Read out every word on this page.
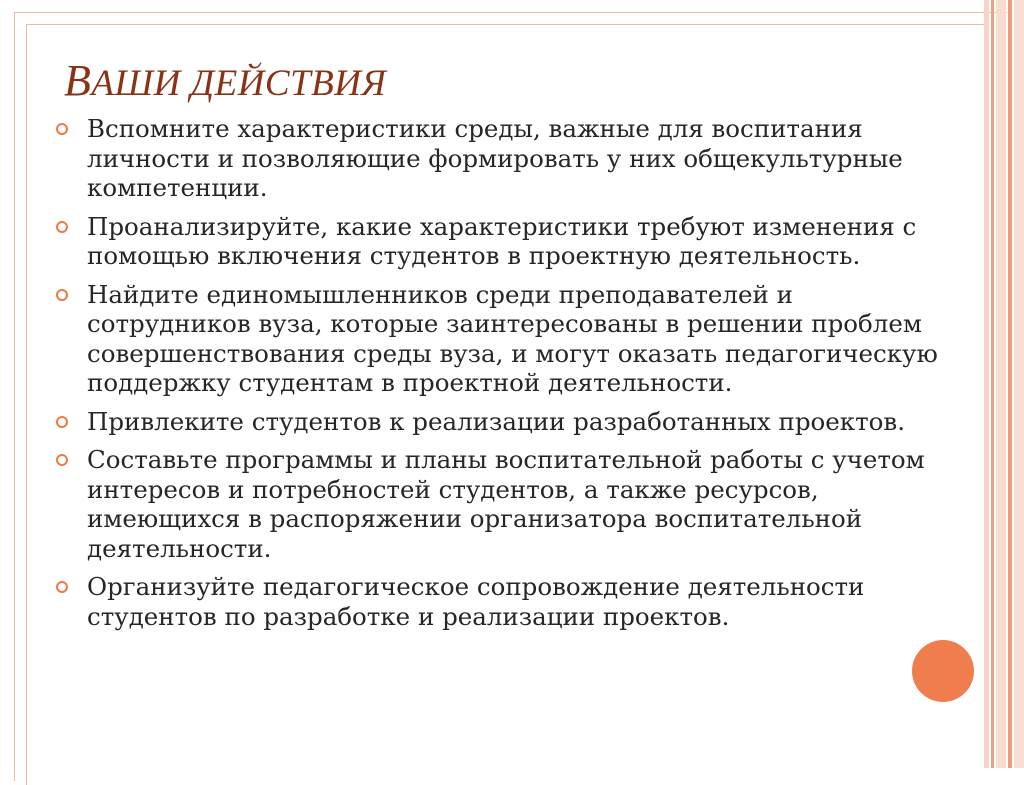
ВАШИ ДЕЙСТВИЯ
Вспомните характеристики среды, важные для воспитания личности и позволяющие формировать у них общекультурные компетенции.
Проанализируйте, какие характеристики требуют изменения с помощью включения студентов в проектную деятельность.
Найдите единомышленников среди преподавателей и сотрудников вуза, которые заинтересованы в решении проблем совершенствования среды вуза, и могут оказать педагогическую поддержку студентам в проектной деятельности.
Привлеките студентов к реализации разработанных проектов.
Составьте программы и планы воспитательной работы с учетом интересов и потребностей студентов, а также ресурсов, имеющихся в распоряжении организатора воспитательной деятельности.
Организуйте педагогическое сопровождение деятельности студентов по разработке и реализации проектов.
